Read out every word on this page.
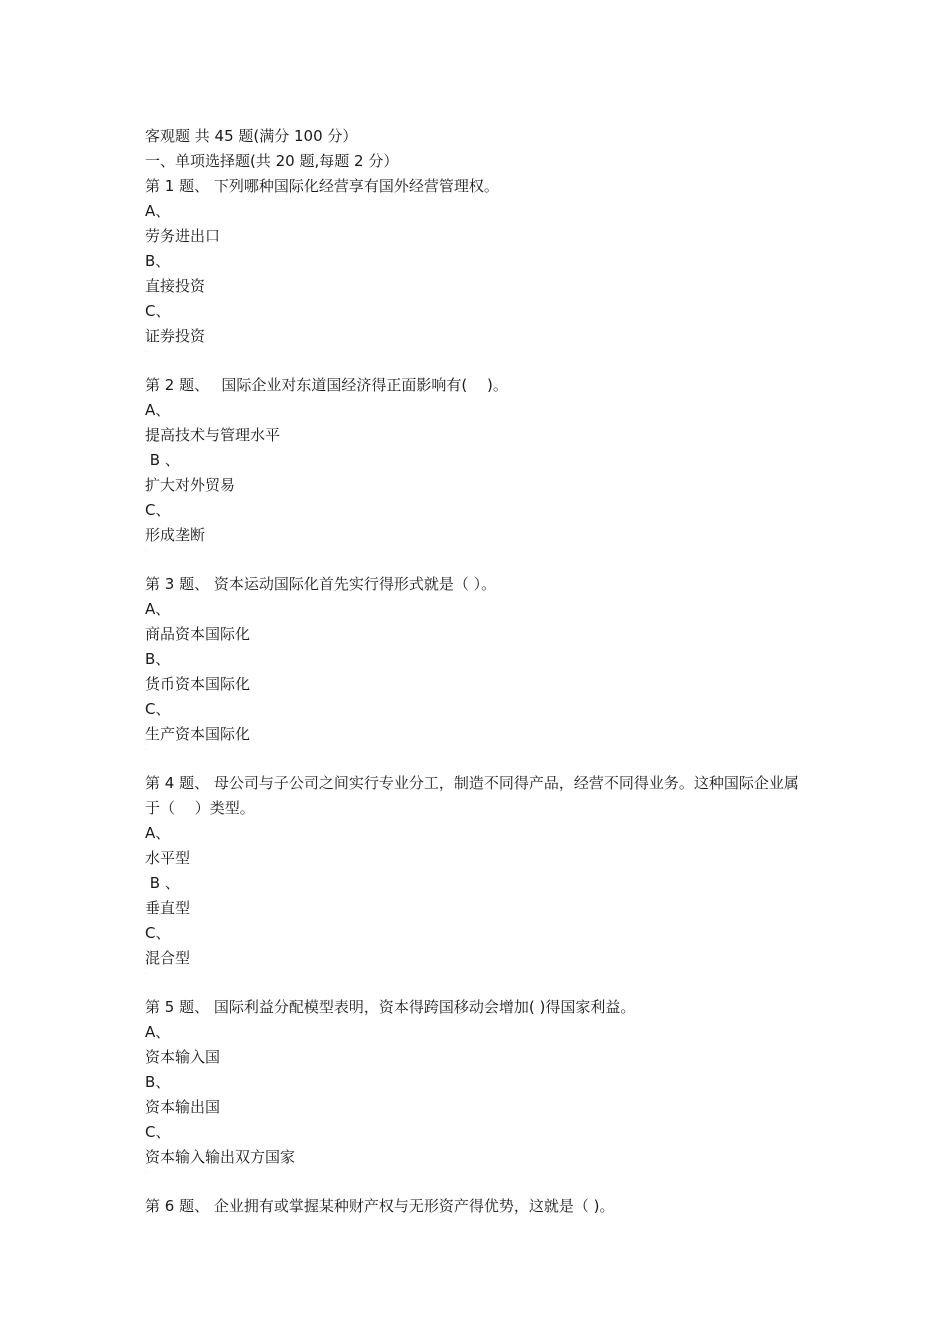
客观题 共 45 题(满分 100 分）
一、单项选择题(共 20 题,每题 2 分）
第 1 题、 下列哪种国际化经营享有国外经营管理权。
A、
劳务进出口
B、
直接投资
C、
证券投资
·
第 2 题、　 国际企业对东道国经济得正面影响有(　 )。
A、
提高技术与管理水平
B 、
扩大对外贸易
C、
形成垄断
·
第 3 题、 资本运动国际化首先实行得形式就是（ ）。
A、
商品资本国际化
B、
货币资本国际化
C、
生产资本国际化
·
第 4 题、 母公司与子公司之间实行专业分工，制造不同得产品，经营不同得业务。这种国际企业属于（　 ）类型。
A、
水平型
B 、
垂直型
C、
混合型
·
第 5 题、 国际利益分配模型表明，资本得跨国移动会增加( )得国家利益。
A、
资本输入国
B、
资本输出国
C、
资本输入输出双方国家
·
第 6 题、 企业拥有或掌握某种财产权与无形资产得优势，这就是（ )。
